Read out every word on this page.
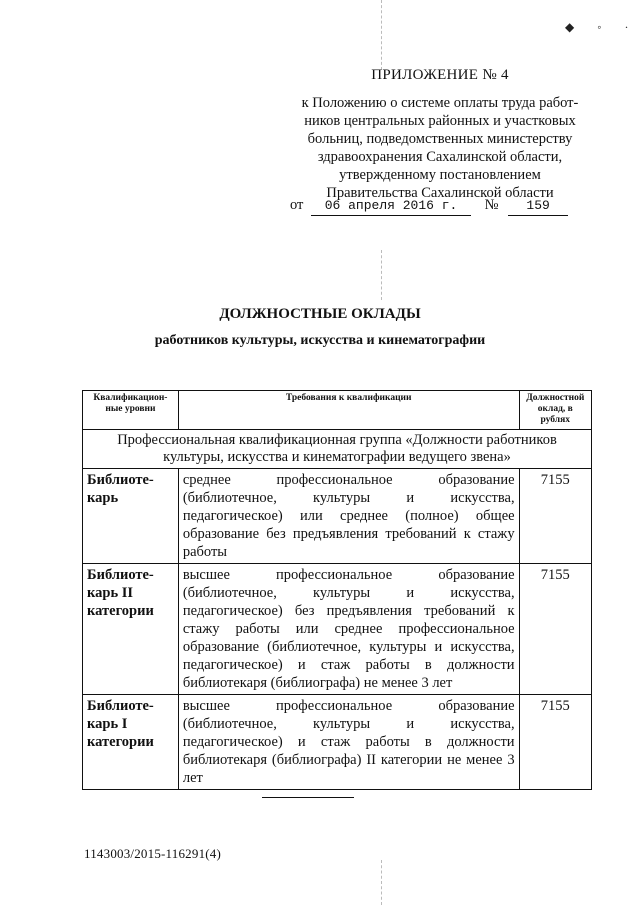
◆ ◦ ·
ПРИЛОЖЕНИЕ № 4
к Положению о системе оплаты труда работ-
ников центральных районных и участковых
больниц, подведомственных министерству
здравоохранения Сахалинской области,
утвержденному постановлением
Правительства Сахалинской области
от 06 апреля 2016 г. № 159
ДОЛЖНОСТНЫЕ ОКЛАДЫ
работников культуры, искусства и кинематографии
Квалификацион-ные уровни	Требования к квалификации	Должностной оклад, в рублях
Профессиональная квалификационная группа «Должности работников культуры, искусства и кинематографии ведущего звена»		
Библиоте-карь	среднее профессиональное образование (библиотечное, культуры и искусства, педагогическое) или среднее (полное) общее образование без предъявления требований к стажу работы	7155
Библиоте-карь II категории	высшее профессиональное образование (библиотечное, культуры и искусства, педагогическое) без предъявления требований к стажу работы или среднее профессиональное образование (библиотечное, культуры и искусства, педагогическое) и стаж работы в должности библиотекаря (библиографа) не менее 3 лет	7155
Библиоте-карь I категории	высшее профессиональное образование (библиотечное, культуры и искусства, педагогическое) и стаж работы в должности библиотекаря (библиографа) II категории не менее 3 лет	7155
1143003/2015-116291(4)
